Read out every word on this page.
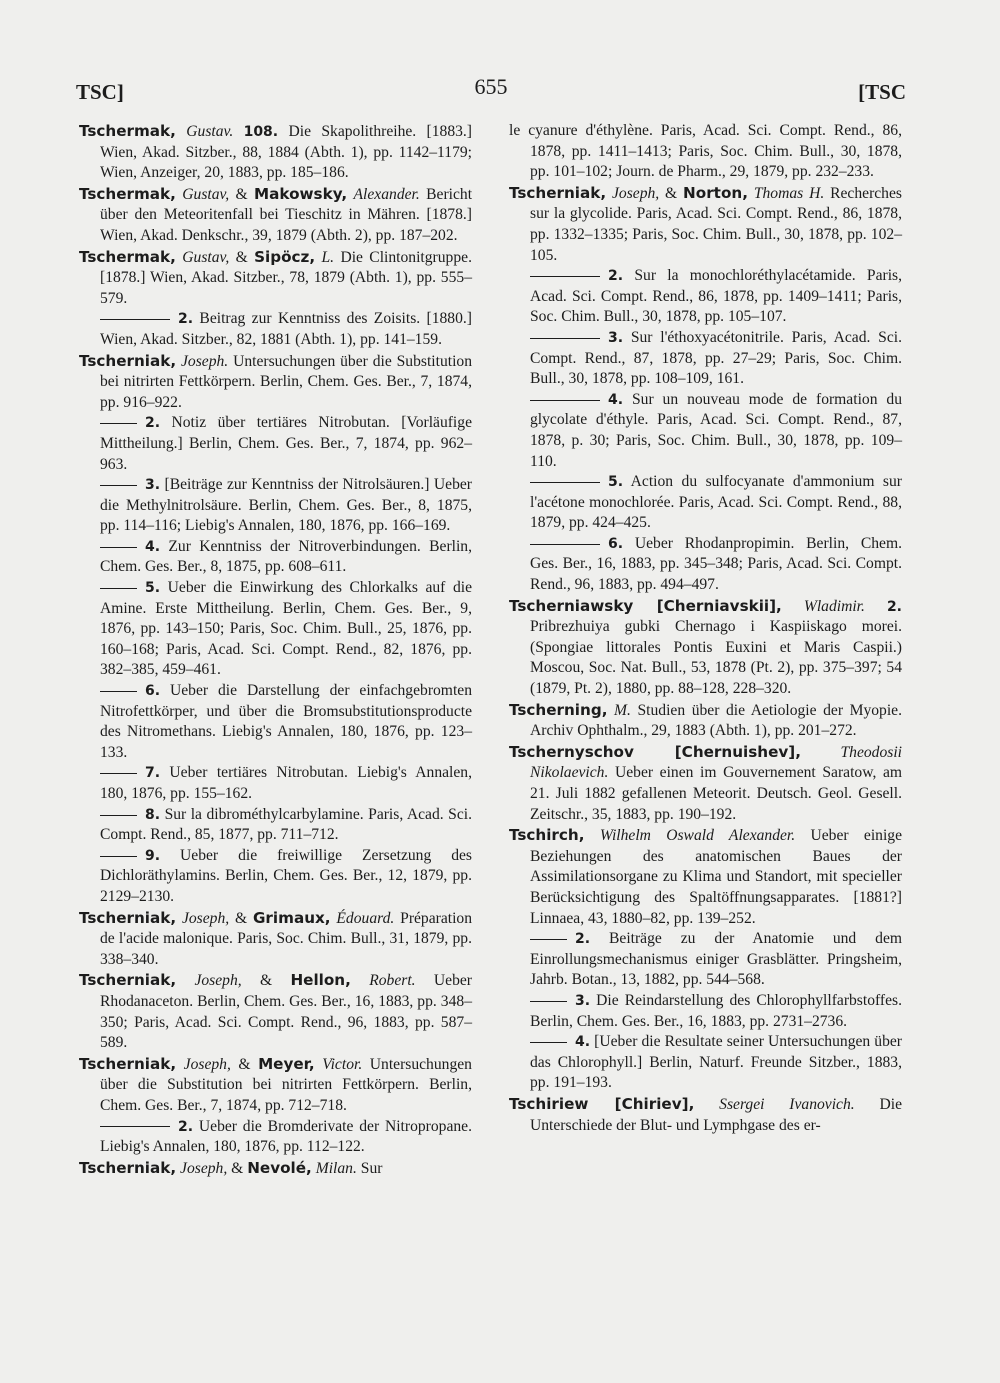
TSC]	655	[TSC

Tschermak, Gustav. 108. Die Skapolithreihe. [1883.] Wien, Akad. Sitzber., 88, 1884 (Abth. 1), pp. 1142–1179; Wien, Anzeiger, 20, 1883, pp. 185–186.

Tschermak, Gustav, & Makowsky, Alexander. Bericht über den Meteoritenfall bei Tieschitz in Mähren. [1878.] Wien, Akad. Denkschr., 39, 1879 (Abth. 2), pp. 187–202.

Tschermak, Gustav, & Sipöcz, L. Die Clintonitgruppe. [1878.] Wien, Akad. Sitzber., 78, 1879 (Abth. 1), pp. 555–579.

2. Beitrag zur Kenntniss des Zoisits. [1880.] Wien, Akad. Sitzber., 82, 1881 (Abth. 1), pp. 141–159.

Tscherniak, Joseph. Untersuchungen über die Substitution bei nitrirten Fettkörpern. Berlin, Chem. Ges. Ber., 7, 1874, pp. 916–922.

2. Notiz über tertiäres Nitrobutan. [Vorläufige Mittheilung.] Berlin, Chem. Ges. Ber., 7, 1874, pp. 962–963.

3. [Beiträge zur Kenntniss der Nitrolsäuren.] Ueber die Methylnitrolsäure. Berlin, Chem. Ges. Ber., 8, 1875, pp. 114–116; Liebig's Annalen, 180, 1876, pp. 166–169.

4. Zur Kenntniss der Nitroverbindungen. Berlin, Chem. Ges. Ber., 8, 1875, pp. 608–611.

5. Ueber die Einwirkung des Chlorkalks auf die Amine. Erste Mittheilung. Berlin, Chem. Ges. Ber., 9, 1876, pp. 143–150; Paris, Soc. Chim. Bull., 25, 1876, pp. 160–168; Paris, Acad. Sci. Compt. Rend., 82, 1876, pp. 382–385, 459–461.

6. Ueber die Darstellung der einfachgebromten Nitrofettkörper, und über die Bromsubstitutionsproducte des Nitromethans. Liebig's Annalen, 180, 1876, pp. 123–133.

7. Ueber tertiäres Nitrobutan. Liebig's Annalen, 180, 1876, pp. 155–162.

8. Sur la dibrométhylcarbylamine. Paris, Acad. Sci. Compt. Rend., 85, 1877, pp. 711–712.

9. Ueber die freiwillige Zersetzung des Dichloräthylamins. Berlin, Chem. Ges. Ber., 12, 1879, pp. 2129–2130.

Tscherniak, Joseph, & Grimaux, Édouard. Préparation de l'acide malonique. Paris, Soc. Chim. Bull., 31, 1879, pp. 338–340.

Tscherniak, Joseph, & Hellon, Robert. Ueber Rhodanaceton. Berlin, Chem. Ges. Ber., 16, 1883, pp. 348–350; Paris, Acad. Sci. Compt. Rend., 96, 1883, pp. 587–589.

Tscherniak, Joseph, & Meyer, Victor. Untersuchungen über die Substitution bei nitrirten Fettkörpern. Berlin, Chem. Ges. Ber., 7, 1874, pp. 712–718.

2. Ueber die Bromderivate der Nitropropane. Liebig's Annalen, 180, 1876, pp. 112–122.

Tscherniak, Joseph, & Nevolé, Milan. Sur

le cyanure d'éthylène. Paris, Acad. Sci. Compt. Rend., 86, 1878, pp. 1411–1413; Paris, Soc. Chim. Bull., 30, 1878, pp. 101–102; Journ. de Pharm., 29, 1879, pp. 232–233.

Tscherniak, Joseph, & Norton, Thomas H. Recherches sur la glycolide. Paris, Acad. Sci. Compt. Rend., 86, 1878, pp. 1332–1335; Paris, Soc. Chim. Bull., 30, 1878, pp. 102–105.

2. Sur la monochloréthylacétamide. Paris, Acad. Sci. Compt. Rend., 86, 1878, pp. 1409–1411; Paris, Soc. Chim. Bull., 30, 1878, pp. 105–107.

3. Sur l'éthoxyacétonitrile. Paris, Acad. Sci. Compt. Rend., 87, 1878, pp. 27–29; Paris, Soc. Chim. Bull., 30, 1878, pp. 108–109, 161.

4. Sur un nouveau mode de formation du glycolate d'éthyle. Paris, Acad. Sci. Compt. Rend., 87, 1878, p. 30; Paris, Soc. Chim. Bull., 30, 1878, pp. 109–110.

5. Action du sulfocyanate d'ammonium sur l'acétone monochlorée. Paris, Acad. Sci. Compt. Rend., 88, 1879, pp. 424–425.

6. Ueber Rhodanpropimin. Berlin, Chem. Ges. Ber., 16, 1883, pp. 345–348; Paris, Acad. Sci. Compt. Rend., 96, 1883, pp. 494–497.

Tscherniawsky [Cherniavskii], Wladimir. 2. Pribrezhuiya gubki Chernago i Kaspiiskago morei. (Spongiae littorales Pontis Euxini et Maris Caspii.) Moscou, Soc. Nat. Bull., 53, 1878 (Pt. 2), pp. 375–397; 54 (1879, Pt. 2), 1880, pp. 88–128, 228–320.

Tscherning, M. Studien über die Aetiologie der Myopie. Archiv Ophthalm., 29, 1883 (Abth. 1), pp. 201–272.

Tschernyschov [Chernuishev],	Theodosii Nikolaevich. Ueber einen im Gouvernement Saratow, am 21. Juli 1882 gefallenen Meteorit. Deutsch. Geol. Gesell. Zeitschr., 35, 1883, pp. 190–192.

Tschirch, Wilhelm Oswald Alexander. Ueber einige Beziehungen des anatomischen Baues der Assimilationsorgane zu Klima und Standort, mit specieller Berücksichtigung des Spaltöffnungsapparates. [1881?] Linnaea, 43, 1880–82, pp. 139–252.

2. Beiträge zu der Anatomie und dem Einrollungsmechanismus einiger Grasblätter. Pringsheim, Jahrb. Botan., 13, 1882, pp. 544–568.

3. Die Reindarstellung des Chlorophyllfarbstoffes. Berlin, Chem. Ges. Ber., 16, 1883, pp. 2731–2736.

4. [Ueber die Resultate seiner Untersuchungen über das Chlorophyll.] Berlin, Naturf. Freunde Sitzber., 1883, pp. 191–193.

Tschiriew [Chiriev], Ssergei Ivanovich. Die Unterschiede der Blut- und Lymphgase des er-
